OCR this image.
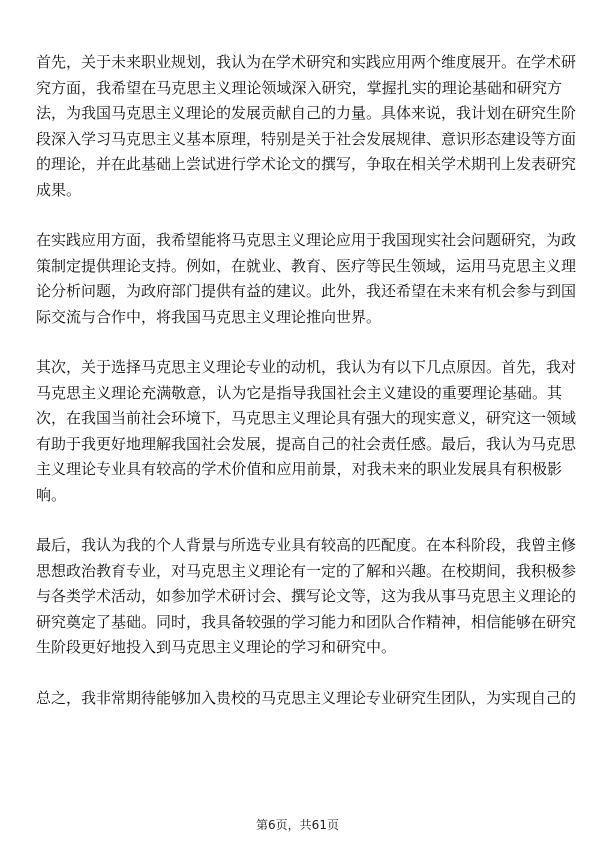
首先，关于未来职业规划，我认为在学术研究和实践应用两个维度展开。在学术研
究方面，我希望在马克思主义理论领域深入研究，掌握扎实的理论基础和研究方
法，为我国马克思主义理论的发展贡献自己的力量。具体来说，我计划在研究生阶
段深入学习马克思主义基本原理，特别是关于社会发展规律、意识形态建设等方面
的理论，并在此基础上尝试进行学术论文的撰写，争取在相关学术期刊上发表研究
成果。

在实践应用方面，我希望能将马克思主义理论应用于我国现实社会问题研究，为政
策制定提供理论支持。例如，在就业、教育、医疗等民生领域，运用马克思主义理
论分析问题，为政府部门提供有益的建议。此外，我还希望在未来有机会参与到国
际交流与合作中，将我国马克思主义理论推向世界。

其次，关于选择马克思主义理论专业的动机，我认为有以下几点原因。首先，我对
马克思主义理论充满敬意，认为它是指导我国社会主义建设的重要理论基础。其
次，在我国当前社会环境下，马克思主义理论具有强大的现实意义，研究这一领域
有助于我更好地理解我国社会发展，提高自己的社会责任感。最后，我认为马克思
主义理论专业具有较高的学术价值和应用前景，对我未来的职业发展具有积极影
响。

最后，我认为我的个人背景与所选专业具有较高的匹配度。在本科阶段，我曾主修
思想政治教育专业，对马克思主义理论有一定的了解和兴趣。在校期间，我积极参
与各类学术活动，如参加学术研讨会、撰写论文等，这为我从事马克思主义理论的
研究奠定了基础。同时，我具备较强的学习能力和团队合作精神，相信能够在研究
生阶段更好地投入到马克思主义理论的学习和研究中。

总之，我非常期待能够加入贵校的马克思主义理论专业研究生团队，为实现自己的

第6页，共61页
